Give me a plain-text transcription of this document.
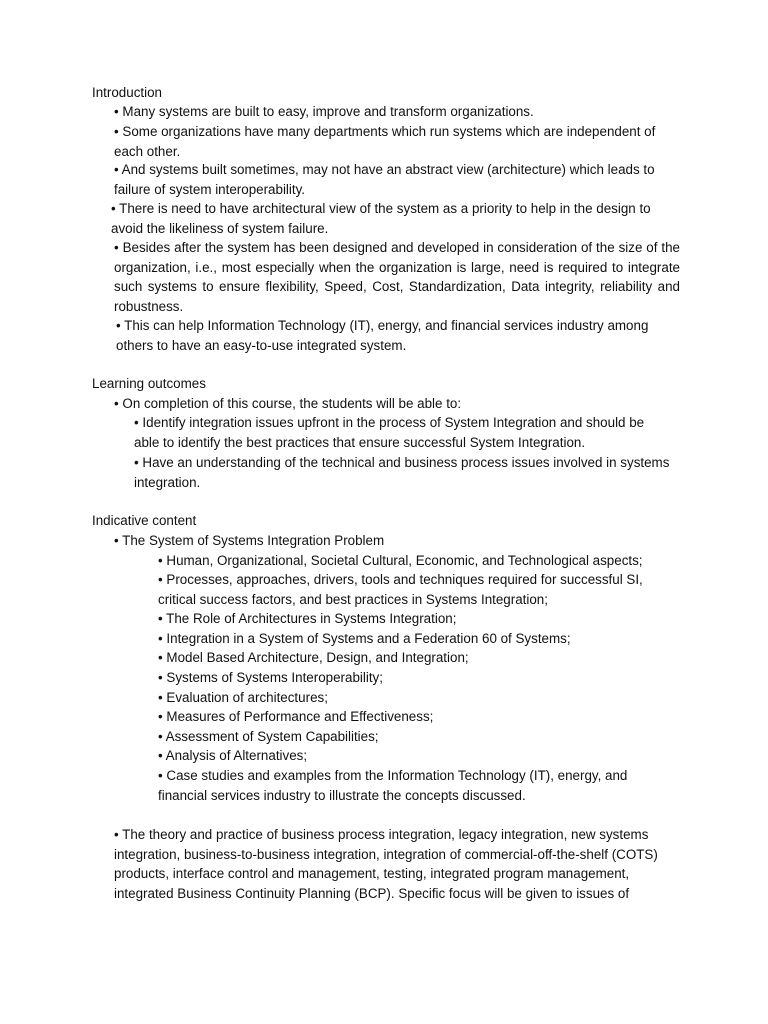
Introduction
• Many systems are built to easy, improve and transform organizations.
• Some organizations have many departments which run systems which are independent of each other.
• And systems built sometimes, may not have an abstract view (architecture) which leads to failure of system interoperability.
• There is need to have architectural view of the system as a priority to help in the design to avoid the likeliness of system failure.
• Besides after the system has been designed and developed in consideration of the size of the organization, i.e., most especially when the organization is large, need is required to integrate such systems to ensure flexibility, Speed, Cost, Standardization, Data integrity, reliability and robustness.
• This can help Information Technology (IT), energy, and financial services industry among others to have an easy-to-use integrated system.
Learning outcomes
• On completion of this course, the students will be able to:
• Identify integration issues upfront in the process of System Integration and should be able to identify the best practices that ensure successful System Integration.
• Have an understanding of the technical and business process issues involved in systems integration.
Indicative content
• The System of Systems Integration Problem
• Human, Organizational, Societal Cultural, Economic, and Technological aspects;
• Processes, approaches, drivers, tools and techniques required for successful SI, critical success factors, and best practices in Systems Integration;
• The Role of Architectures in Systems Integration;
• Integration in a System of Systems and a Federation 60 of Systems;
• Model Based Architecture, Design, and Integration;
• Systems of Systems Interoperability;
• Evaluation of architectures;
• Measures of Performance and Effectiveness;
• Assessment of System Capabilities;
• Analysis of Alternatives;
• Case studies and examples from the Information Technology (IT), energy, and financial services industry to illustrate the concepts discussed.
• The theory and practice of business process integration, legacy integration, new systems integration, business-to-business integration, integration of commercial-off-the-shelf (COTS) products, interface control and management, testing, integrated program management, integrated Business Continuity Planning (BCP). Specific focus will be given to issues of
